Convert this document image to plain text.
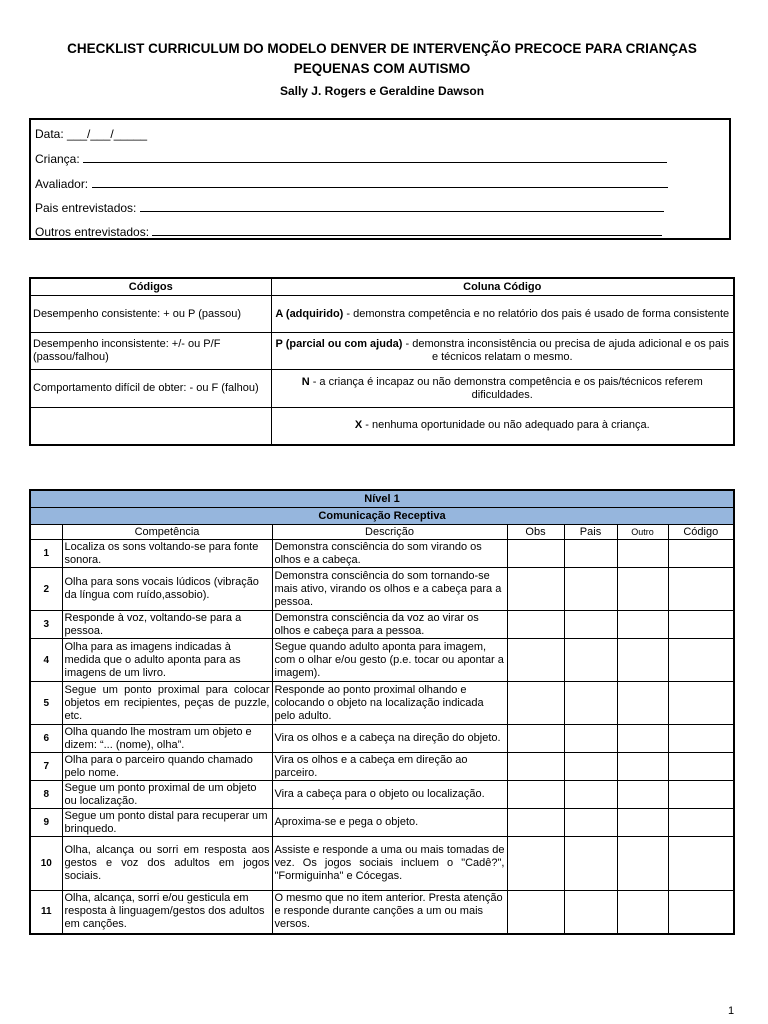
CHECKLIST CURRICULUM DO MODELO DENVER DE INTERVENÇÃO PRECOCE PARA CRIANÇAS
PEQUENAS COM AUTISMO
Sally J. Rogers e Geraldine Dawson
Data: ___/___/_____
Criança:
Avaliador:
Pais entrevistados:
Outros entrevistados:
Códigos	Coluna Código
Desempenho consistente: + ou P (passou)	A (adquirido) - demonstra competência e no relatório dos pais é usado de forma consistente
Desempenho inconsistente: +/- ou P/F (passou/falhou)	P (parcial ou com ajuda) - demonstra inconsistência ou precisa de ajuda adicional e os pais e técnicos relatam o mesmo.
Comportamento difícil de obter: - ou F (falhou)	N - a criança é incapaz ou não demonstra competência e os pais/técnicos referem dificuldades.
	X - nenhuma oportunidade ou não adequado para à criança.
Nível 1						
Comunicação Receptiva						
	Competência	Descrição	Obs	Pais	Outro	Código
1	Localiza os sons voltando-se para fonte sonora.	Demonstra consciência do som virando os olhos e a cabeça.				
2	Olha para sons vocais lúdicos (vibração da língua com ruído,assobio).	Demonstra consciência do som tornando-se mais ativo, virando os olhos e a cabeça para a pessoa.				
3	Responde à voz, voltando-se para a pessoa.	Demonstra consciência da voz ao virar os olhos e cabeça para a pessoa.				
4	Olha para as imagens indicadas à medida que o adulto aponta para as imagens de um livro.	Segue quando adulto aponta para imagem, com o olhar e/ou gesto (p.e. tocar ou apontar a imagem).				
5	Segue um ponto proximal para colocar objetos em recipientes, peças de puzzle, etc.	Responde ao ponto proximal olhando e colocando o objeto na localização indicada pelo adulto.				
6	Olha quando lhe mostram um objeto e dizem: “... (nome), olha”.	Vira os olhos e a cabeça na direção do objeto.				
7	Olha para o parceiro quando chamado pelo nome.	Vira os olhos e a cabeça em direção ao parceiro.				
8	Segue um ponto proximal de um objeto ou localização.	Vira a cabeça para o objeto ou localização.				
9	Segue um ponto distal para recuperar um brinquedo.	Aproxima-se e pega o objeto.				
10	Olha, alcança ou sorri em resposta aos gestos e voz dos adultos em jogos sociais.	Assiste e responde a uma ou mais tomadas de vez. Os jogos sociais incluem o "Cadê?", "Formiguinha" e Cócegas.				
11	Olha, alcança, sorri e/ou gesticula em resposta à linguagem/gestos dos adultos em canções.	O mesmo que no item anterior. Presta atenção e responde durante canções a um ou mais versos.				
1
